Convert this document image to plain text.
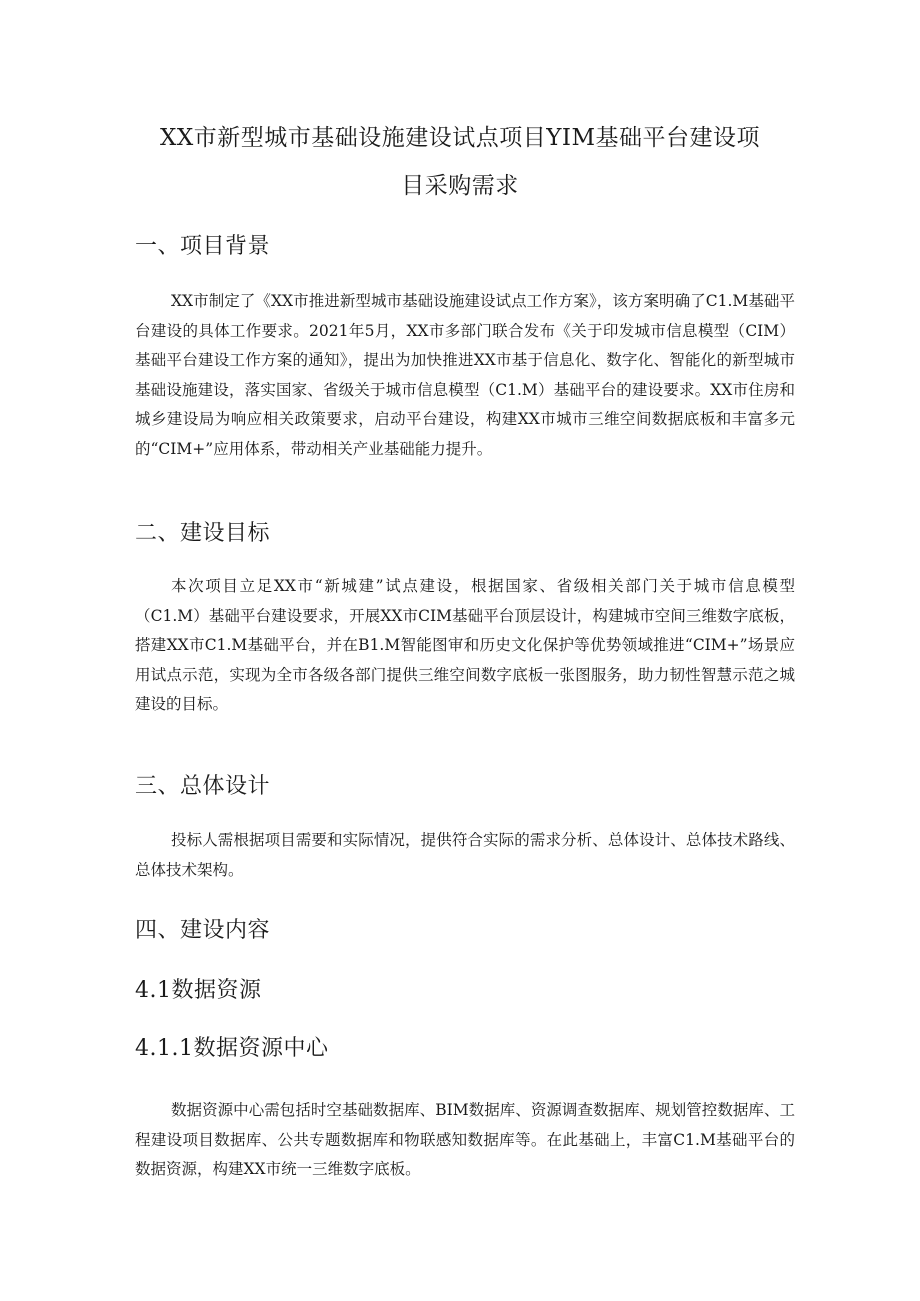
XX市新型城市基础设施建设试点项目YIM基础平台建设项
目采购需求
一、项目背景

XX市制定了《XX市推进新型城市基础设施建设试点工作方案》，该方案明确了C1.M基础平台建设的具体工作要求。2021年5月，XX市多部门联合发布《关于印发城市信息模型（CIM）基础平台建设工作方案的通知》，提出为加快推进XX市基于信息化、数字化、智能化的新型城市基础设施建设，落实国家、省级关于城市信息模型（C1.M）基础平台的建设要求。XX市住房和城乡建设局为响应相关政策要求，启动平台建设，构建XX市城市三维空间数据底板和丰富多元的“CIM+”应用体系，带动相关产业基础能力提升。

二、建设目标

本次项目立足XX市“新城建”试点建设，根据国家、省级相关部门关于城市信息模型（C1.M）基础平台建设要求，开展XX市CIM基础平台顶层设计，构建城市空间三维数字底板，搭建XX市C1.M基础平台，并在B1.M智能图审和历史文化保护等优势领域推进“CIM+”场景应用试点示范，实现为全市各级各部门提供三维空间数字底板一张图服务，助力韧性智慧示范之城建设的目标。

三、总体设计

投标人需根据项目需要和实际情况，提供符合实际的需求分析、总体设计、总体技术路线、总体技术架构。

四、建设内容
4.1数据资源
4.1.1数据资源中心

数据资源中心需包括时空基础数据库、BIM数据库、资源调查数据库、规划管控数据库、工程建设项目数据库、公共专题数据库和物联感知数据库等。在此基础上，丰富C1.M基础平台的数据资源，构建XX市统一三维数字底板。
